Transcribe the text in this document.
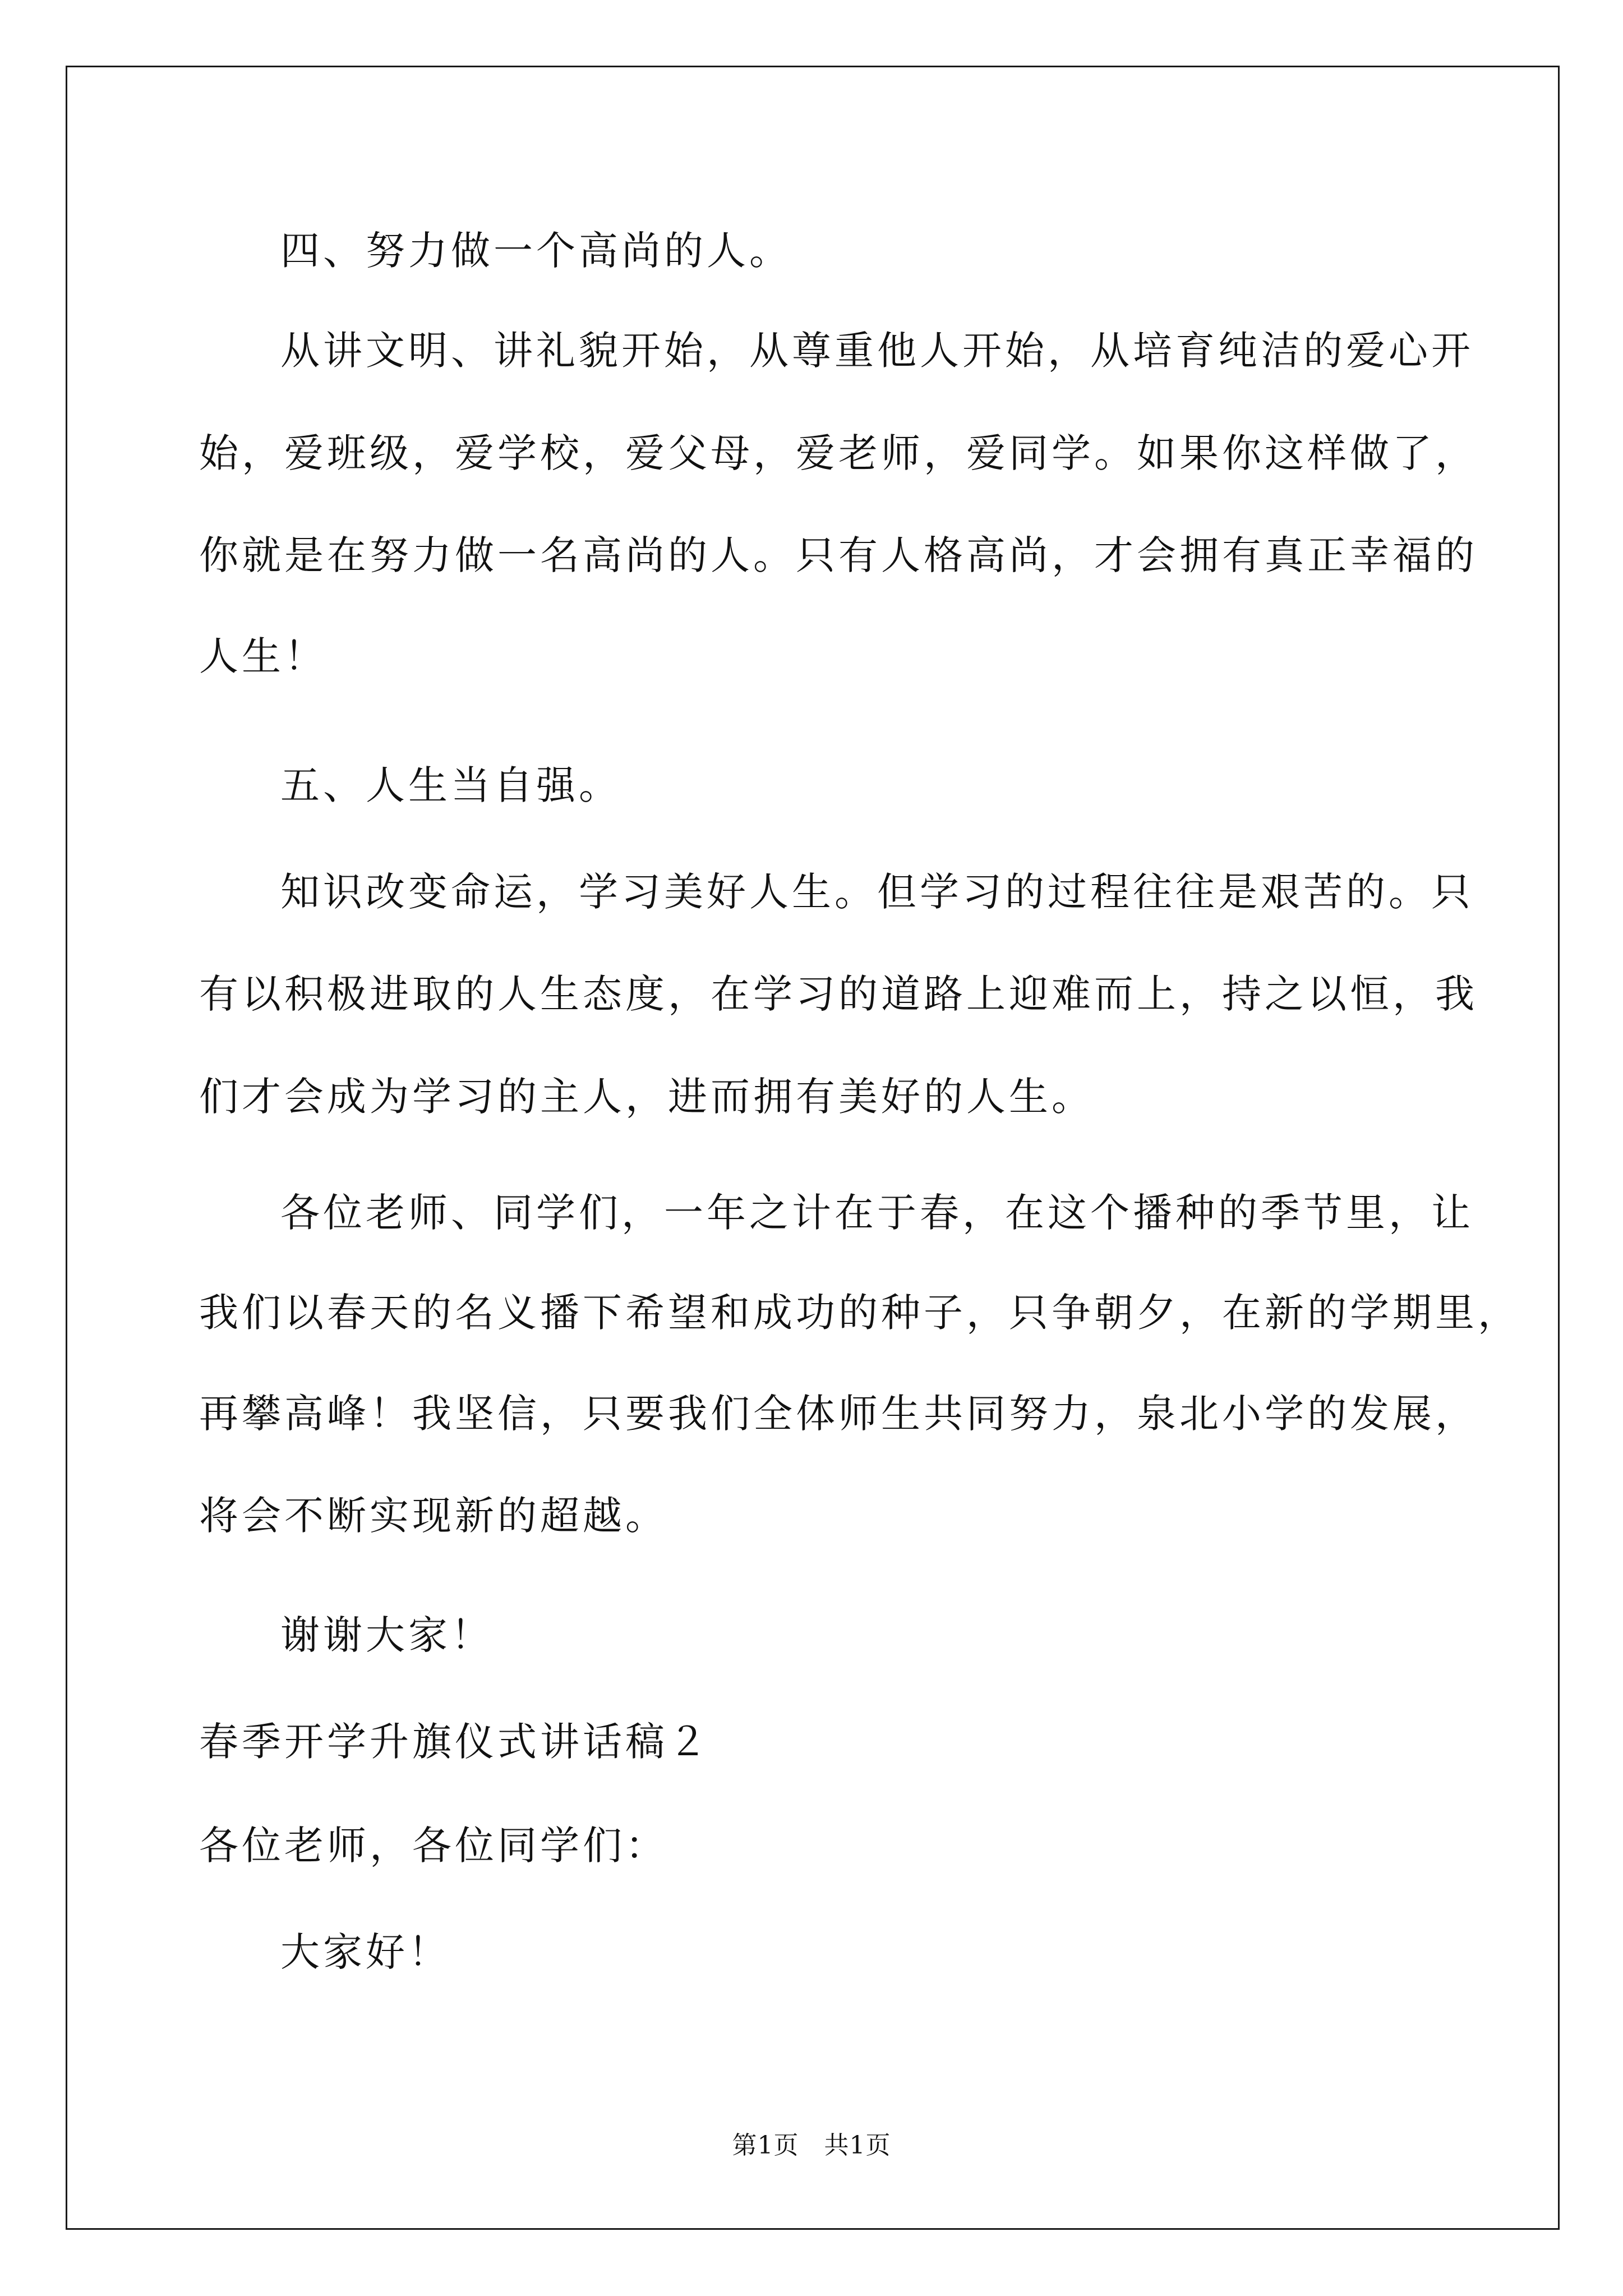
四、努力做一个高尚的人。
从讲文明、讲礼貌开始，从尊重他人开始，从培育纯洁的爱心开
始，爱班级，爱学校，爱父母，爱老师，爱同学。如果你这样做了，
你就是在努力做一名高尚的人。只有人格高尚，才会拥有真正幸福的
人生！
五、人生当自强。
知识改变命运，学习美好人生。但学习的过程往往是艰苦的。只
有以积极进取的人生态度，在学习的道路上迎难而上，持之以恒，我
们才会成为学习的主人，进而拥有美好的人生。
各位老师、同学们，一年之计在于春，在这个播种的季节里，让
我们以春天的名义播下希望和成功的种子，只争朝夕，在新的学期里，
再攀高峰！我坚信，只要我们全体师生共同努力，泉北小学的发展，
将会不断实现新的超越。
谢谢大家！
春季开学升旗仪式讲话稿２
各位老师，各位同学们：
大家好！
第1页　共1页
